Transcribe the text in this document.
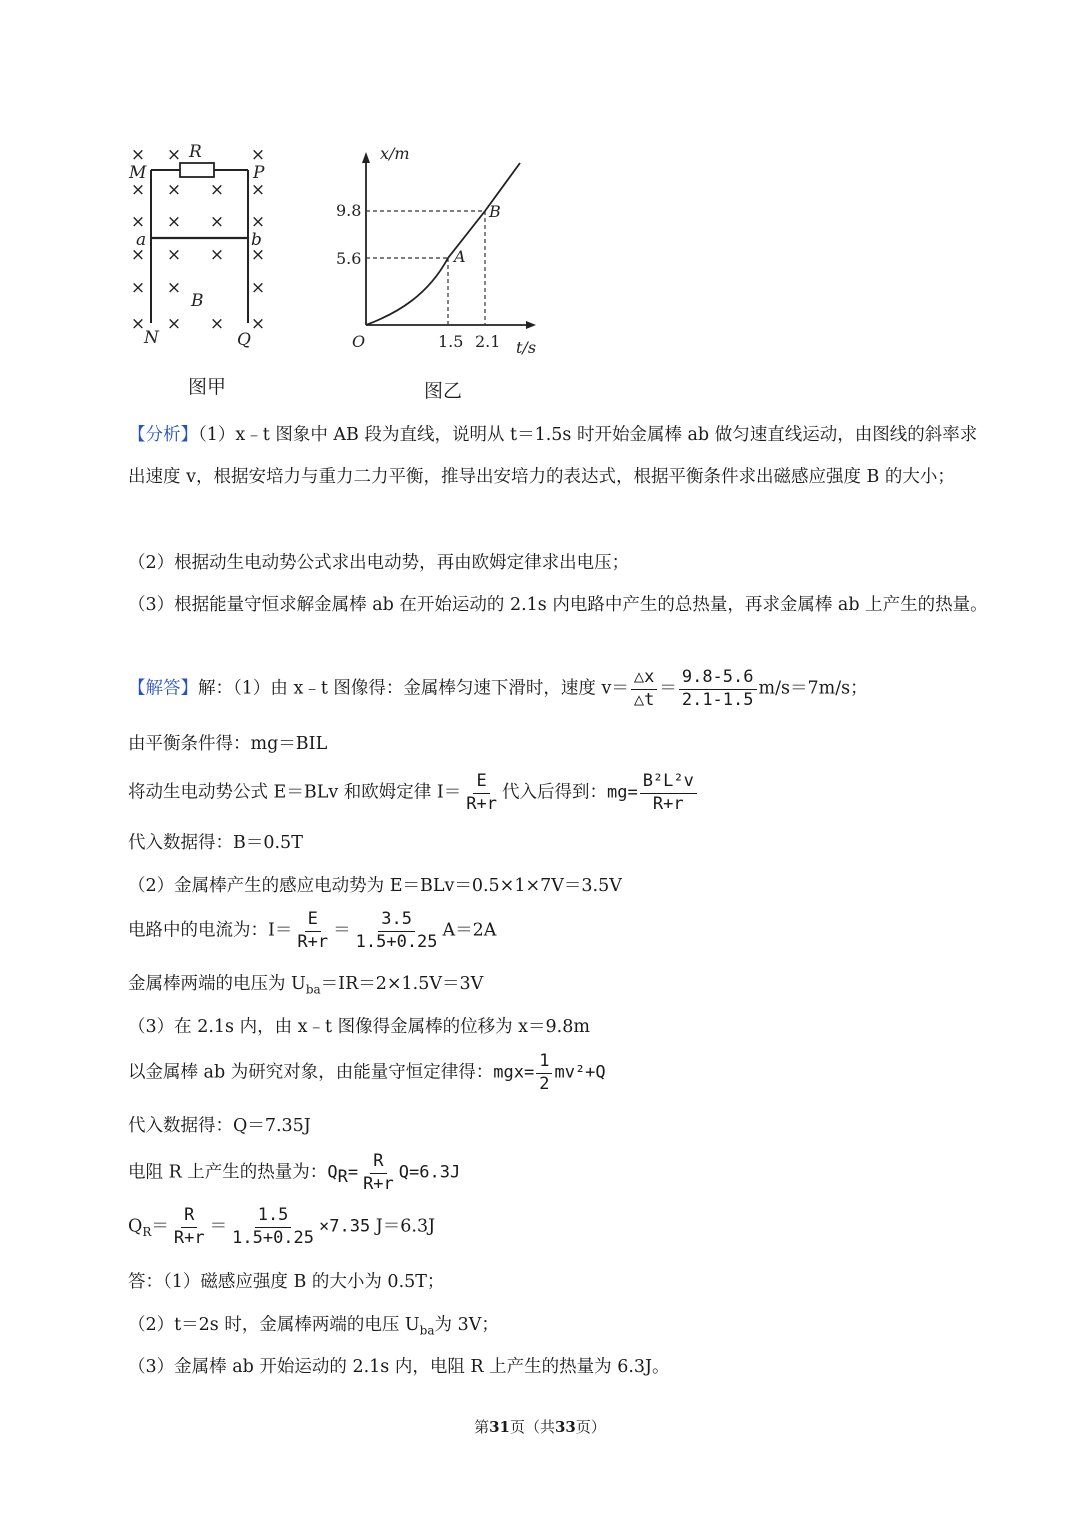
× ×	×
× × × ×
× × × ×
× × × ×
× ×	×
× × × ×
R
M	P
a	b
B
N	Q
图甲
x/m
t/s
O
9.8
5.6
1.5 2.1
A
B
图乙
【分析】（1）x﹣t 图象中 AB 段为直线，说明从 t＝1.5s 时开始金属棒 ab 做匀速直线运动，由图线的斜率求出速度 v，根据安培力与重力二力平衡，推导出安培力的表达式，根据平衡条件求出磁感应强度 B 的大小；
（2）根据动生电动势公式求出电动势，再由欧姆定律求出电压；
（3）根据能量守恒求解金属棒 ab 在开始运动的 2.1s 内电路中产生的总热量，再求金属棒 ab 上产生的热量。
【解答】解：（1）由 x﹣t 图像得：金属棒匀速下滑时，速度 $v= \frac{\triangle x}{\triangle t} = \frac{9.8-5.6}{2.1-1.5} m/s=7m/s$；
由平衡条件得：mg＝BIL
将动生电动势公式 E＝BLv 和欧姆定律 $I= \frac{E}{R+r}$ 代入后得到：$mg= \frac{\text{B²L²v}}{R+r}$
代入数据得：B＝0.5T
（2）金属棒产生的感应电动势为 E＝BLv＝0.5×1×7V＝3.5V
电路中的电流为：$I= \frac{E}{R+r} = \frac{3.5}{1.5+0.25} A=2A$
金属棒两端的电压为 $U_{ba}=IR=2\times 1.5V=3V$
（3）在 2.1s 内，由 x﹣t 图像得金属棒的位移为 x＝9.8m
以金属棒 ab 为研究对象，由能量守恒定律得：$mgx= \frac{1}{2} mv^2+Q$
代入数据得：Q＝7.35J
电阻 R 上产生的热量为：$Q_R= \frac{R}{R+r} Q=6.3J$
$Q_R= \frac{R}{R+r} = \frac{1.5}{1.5+0.25} \times 7.35$ J＝6.3J
答：（1）磁感应强度 B 的大小为 0.5T；
（2）t＝2s 时，金属棒两端的电压 $U_{ba}$为 3V；
（3）金属棒 ab 开始运动的 2.1s 内，电阻 R 上产生的热量为 6.3J。
第31页（共33页）
